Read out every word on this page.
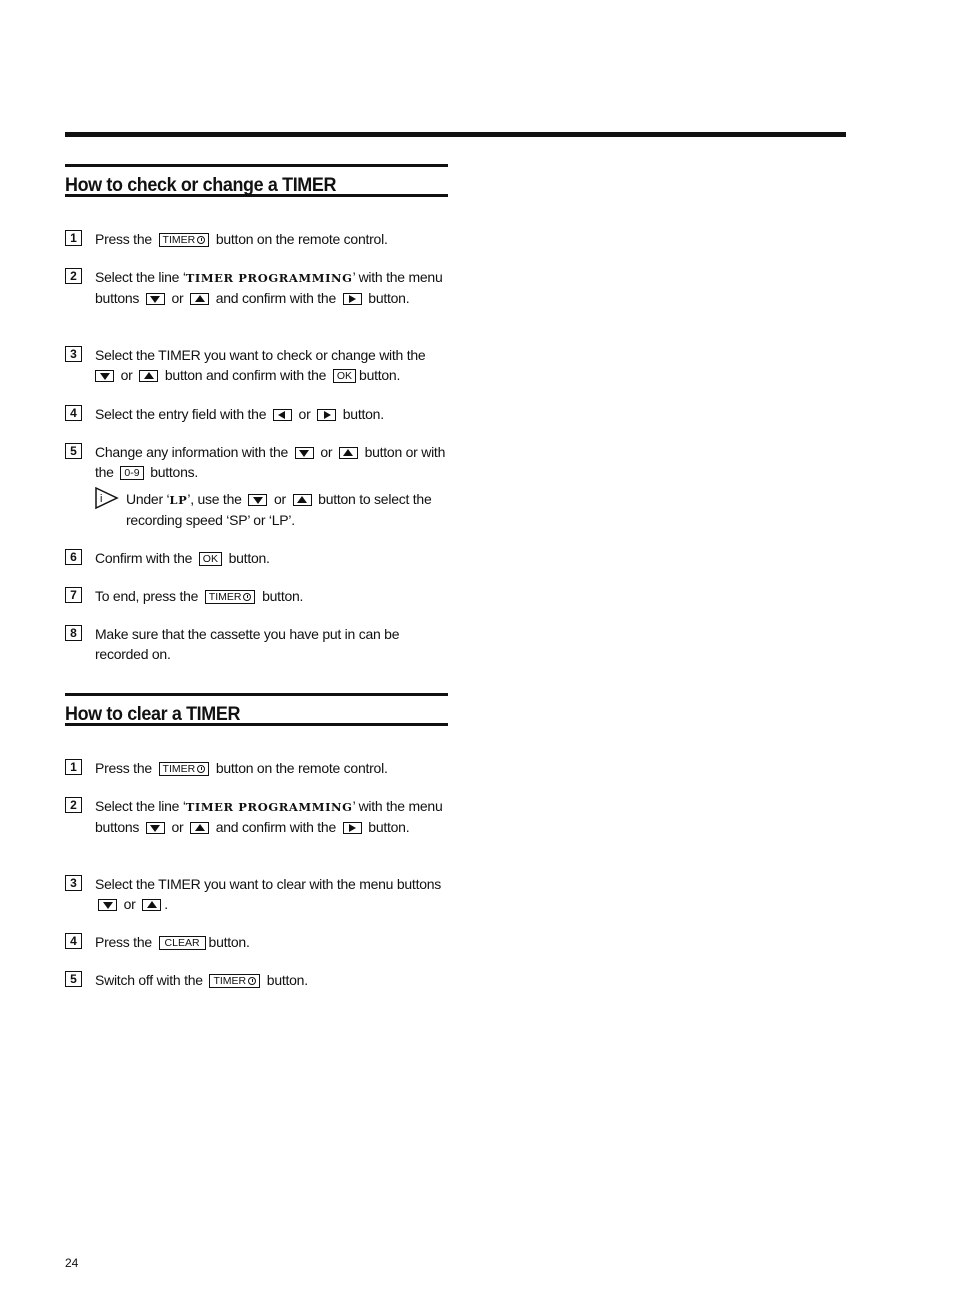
How to check or change a TIMER
1	Press the TIMER button on the remote control.
2	Select the line ‘TIMER PROGRAMMING’ with the menu buttons or and confirm with the button.
3	Select the TIMER you want to check or change with the  or button and confirm with the OK button.
4	Select the entry field with the or button.
5	Change any information with the or button or with the 0-9 buttons.
i Under ‘LP’, use the or button to select the recording speed ‘SP’ or ‘LP’.
6	Confirm with the OK button.
7	To end, press the TIMER button.
8	Make sure that the cassette you have put in can be recorded on.
How to clear a TIMER
1	Press the TIMER button on the remote control.
2	Select the line ‘TIMER PROGRAMMING’ with the menu buttons or and confirm with the button.
3	Select the TIMER you want to clear with the menu buttons  or .
4	Press the CLEAR button.
5	Switch off with the TIMER button.
24
